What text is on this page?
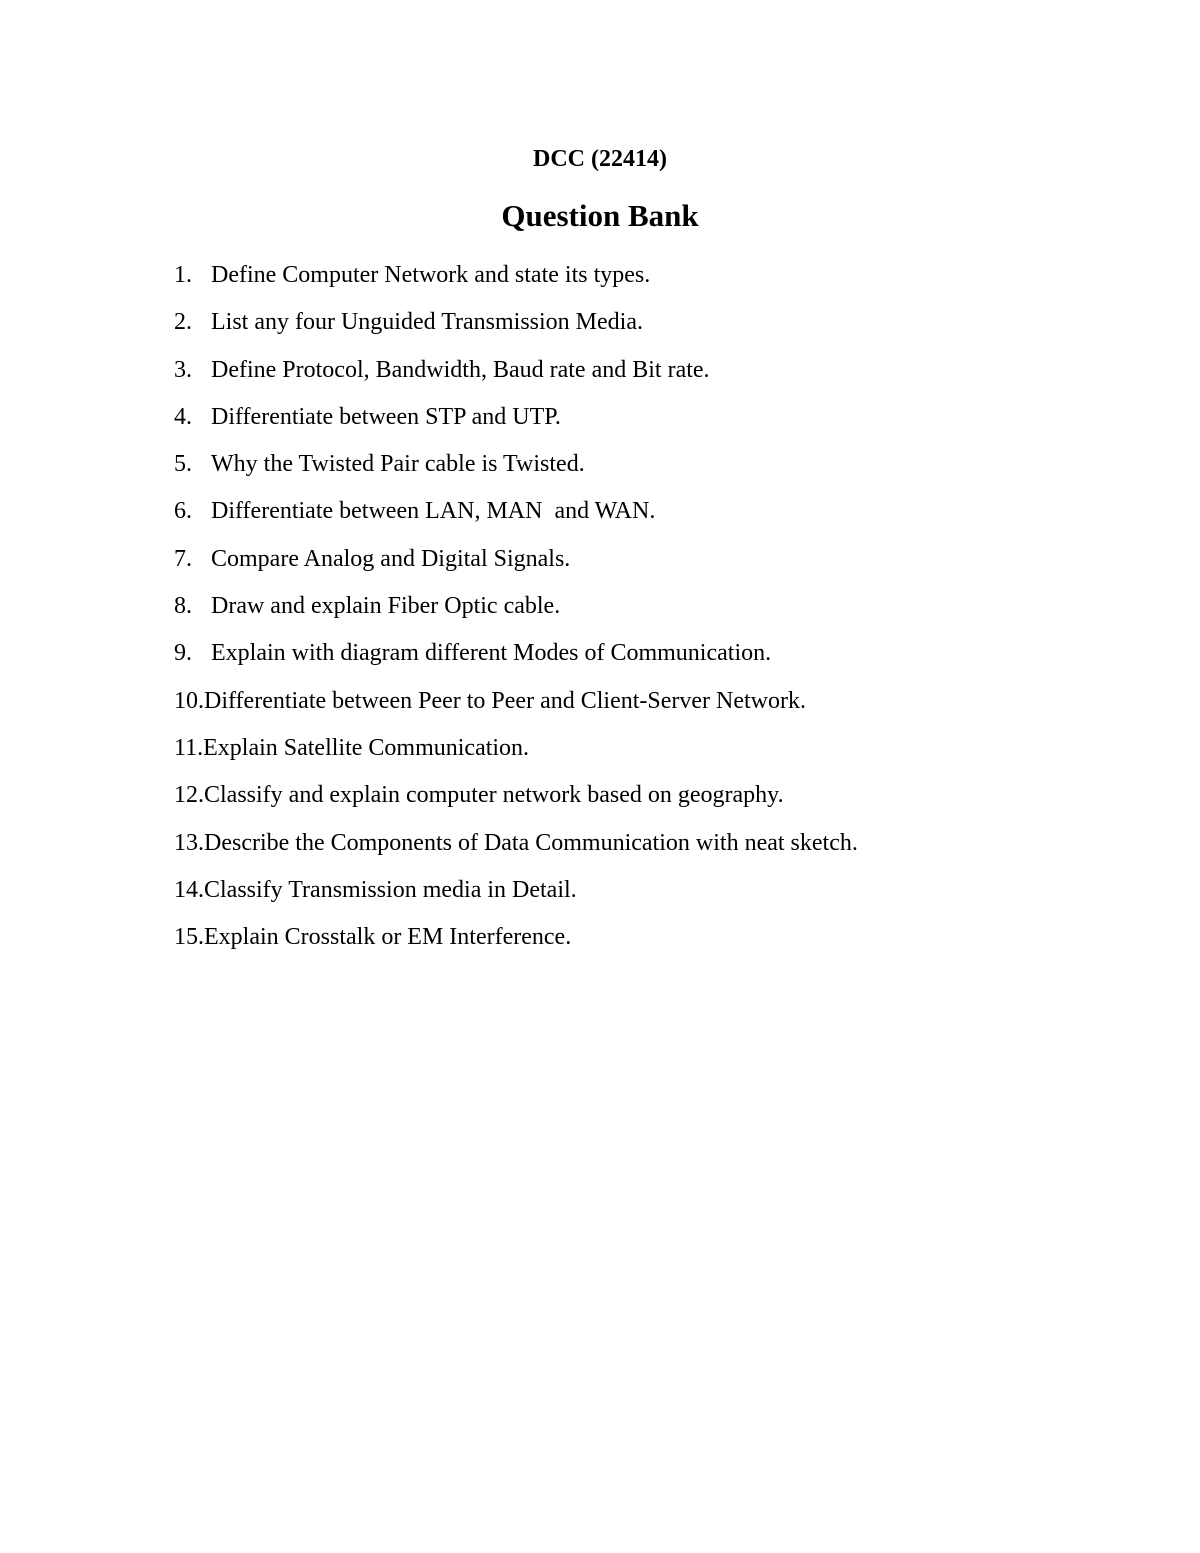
DCC (22414)
Question Bank
1. Define Computer Network and state its types.
2. List any four Unguided Transmission Media.
3. Define Protocol, Bandwidth, Baud rate and Bit rate.
4. Differentiate between STP and UTP.
5. Why the Twisted Pair cable is Twisted.
6. Differentiate between LAN, MAN  and WAN.
7. Compare Analog and Digital Signals.
8. Draw and explain Fiber Optic cable.
9. Explain with diagram different Modes of Communication.
10. Differentiate between Peer to Peer and Client-Server Network.
11. Explain Satellite Communication.
12. Classify and explain computer network based on geography.
13. Describe the Components of Data Communication with neat sketch.
14. Classify Transmission media in Detail.
15. Explain Crosstalk or EM Interference.
